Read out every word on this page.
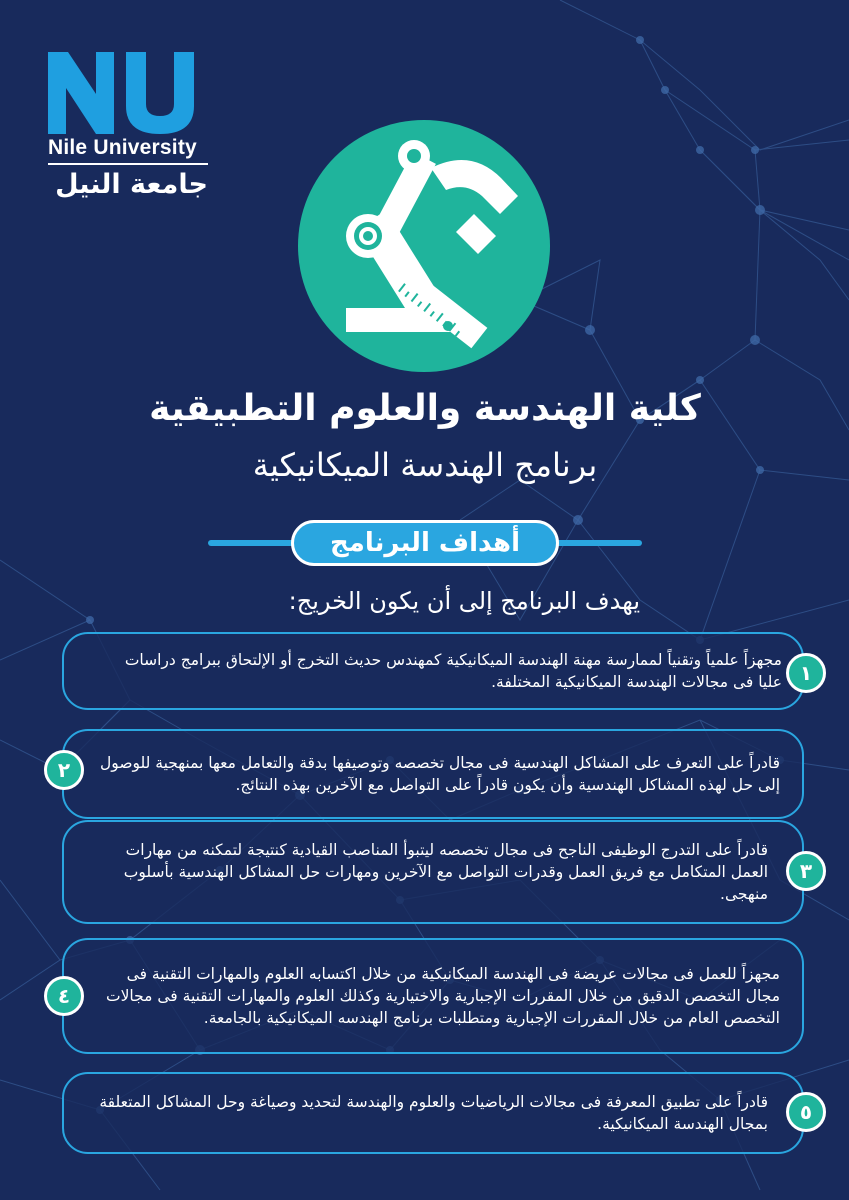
Nile University
جامعة النيل
كلية الهندسة والعلوم التطبيقية
برنامج الهندسة الميكانيكية
أهداف البرنامج
يهدف البرنامج إلى أن يكون الخريج:
مجهزاً علمياً وتقنياً لممارسة مهنة الهندسة الميكانيكية كمهندس حديث التخرج أو الإلتحاق ببرامج دراسات عليا فى مجالات الهندسة الميكانيكية المختلفة. ١
قادراً على التعرف على المشاكل الهندسية فى مجال تخصصه وتوصيفها بدقة والتعامل معها بمنهجية للوصول إلى حل لهذه المشاكل الهندسية وأن يكون قادراً على التواصل مع الآخرين بهذه النتائج.
٢
قادراً على التدرج الوظيفى الناجح فى مجال تخصصه ليتبوأ المناصب القيادية كنتيجة لتمكنه من مهارات العمل المتكامل مع فريق العمل وقدرات التواصل مع الآخرين ومهارات حل المشاكل الهندسية بأسلوب منهجى.
٣
مجهزاً للعمل فى مجالات عريضة فى الهندسة الميكانيكية من خلال اكتسابه العلوم والمهارات التقنية فى مجال التخصص الدقيق من خلال المقررات الإجبارية والاختيارية وكذلك العلوم والمهارات التقنية فى مجالات التخصص العام من خلال المقررات الإجبارية ومتطلبات برنامج الهندسه الميكانيكية بالجامعة.
٤
قادراً على تطبيق المعرفة فى مجالات الرياضيات والعلوم والهندسة لتحديد وصياغة وحل المشاكل المتعلقة بمجال الهندسة الميكانيكية.	٥
